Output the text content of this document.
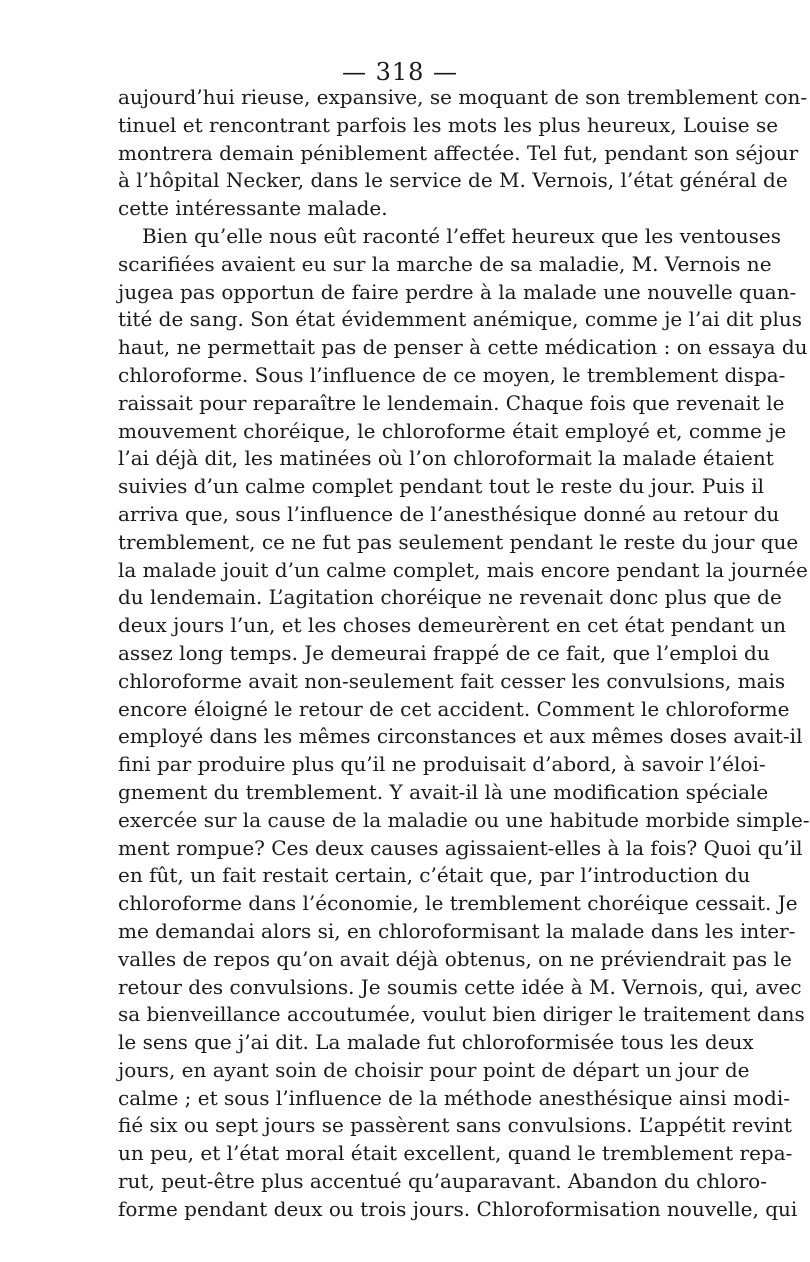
— 318 —

aujourd’hui rieuse, expansive, se moquant de son tremblement con-
tinuel et rencontrant parfois les mots les plus heureux, Louise se
montrera demain péniblement affectée. Tel fut, pendant son séjour
à l’hôpital Necker, dans le service de M. Vernois, l’état général de
cette intéressante malade.

Bien qu’elle nous eût raconté l’effet heureux que les ventouses
scarifiées avaient eu sur la marche de sa maladie, M. Vernois ne
jugea pas opportun de faire perdre à la malade une nouvelle quan-
tité de sang. Son état évidemment anémique, comme je l’ai dit plus
haut, ne permettait pas de penser à cette médication : on essaya du
chloroforme. Sous l’influence de ce moyen, le tremblement dispa-
raissait pour reparaître le lendemain. Chaque fois que revenait le
mouvement choréique, le chloroforme était employé et, comme je
l’ai déjà dit, les matinées où l’on chloroformait la malade étaient
suivies d’un calme complet pendant tout le reste du jour. Puis il
arriva que, sous l’influence de l’anesthésique donné au retour du
tremblement, ce ne fut pas seulement pendant le reste du jour que
la malade jouit d’un calme complet, mais encore pendant la journée
du lendemain. L’agitation choréique ne revenait donc plus que de
deux jours l’un, et les choses demeurèrent en cet état pendant un
assez long temps. Je demeurai frappé de ce fait, que l’emploi du
chloroforme avait non-seulement fait cesser les convulsions, mais
encore éloigné le retour de cet accident. Comment le chloroforme
employé dans les mêmes circonstances et aux mêmes doses avait-il
fini par produire plus qu’il ne produisait d’abord, à savoir l’éloi-
gnement du tremblement. Y avait-il là une modification spéciale
exercée sur la cause de la maladie ou une habitude morbide simple-
ment rompue? Ces deux causes agissaient-elles à la fois? Quoi qu’il
en fût, un fait restait certain, c’était que, par l’introduction du
chloroforme dans l’économie, le tremblement choréique cessait. Je
me demandai alors si, en chloroformisant la malade dans les inter-
valles de repos qu’on avait déjà obtenus, on ne préviendrait pas le
retour des convulsions. Je soumis cette idée à M. Vernois, qui, avec
sa bienveillance accoutumée, voulut bien diriger le traitement dans
le sens que j’ai dit. La malade fut chloroformisée tous les deux
jours, en ayant soin de choisir pour point de départ un jour de
calme ; et sous l’influence de la méthode anesthésique ainsi modi-
fié six ou sept jours se passèrent sans convulsions. L’appétit revint
un peu, et l’état moral était excellent, quand le tremblement repa-
rut, peut-être plus accentué qu’auparavant. Abandon du chloro-
forme pendant deux ou trois jours. Chloroformisation nouvelle, qui
